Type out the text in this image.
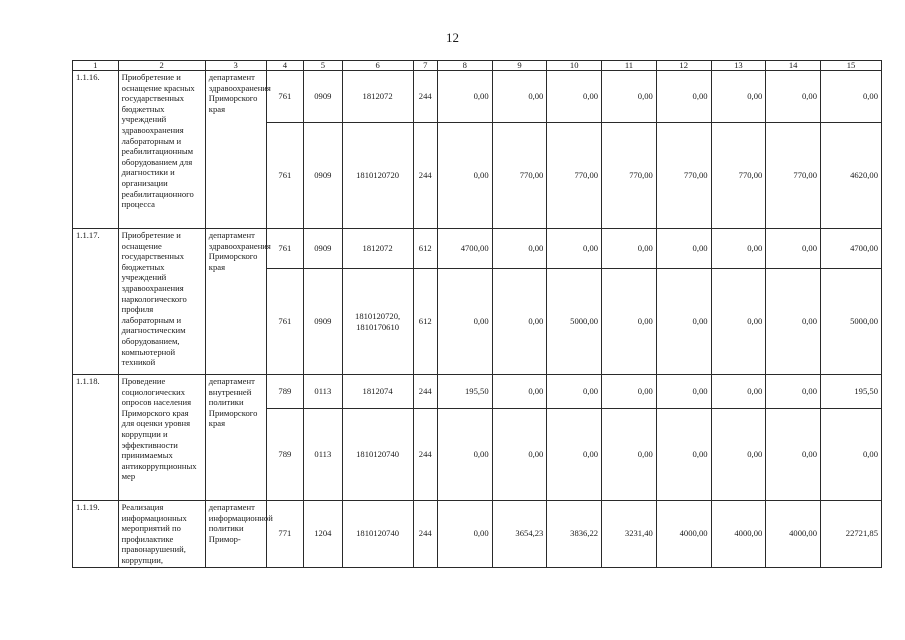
12
1	2	3	4	5	6	7	8	9	10	11	12	13	14	15
1.1.16.	Приобретение и оснащение красных государственных бюджетных учреждений здравоохранения лабораторным и реабилитационным оборудованием для диагностики и организации реабилитационного процесса	департамент здравоохранения Приморского края	761	0909	1812072	244	0,00	0,00	0,00	0,00	0,00	0,00	0,00	0,00
			761	0909	1810120720	244	0,00	770,00	770,00	770,00	770,00	770,00	770,00	4620,00
1.1.17.	Приобретение и оснащение государственных бюджетных учреждений здравоохранения наркологического профиля лабораторным и диагностическим оборудованием, компьютерной техникой	департамент здравоохранения Приморского края	761	0909	1812072	612	4700,00	0,00	0,00	0,00	0,00	0,00	0,00	4700,00
			761	0909	1810120720, 1810170610	612	0,00	0,00	5000,00	0,00	0,00	0,00	0,00	5000,00
1.1.18.	Проведение социологических опросов населения Приморского края для оценки уровня коррупции и эффективности принимаемых антикоррупционных мер	департамент внутренней политики Приморского края	789	0113	1812074	244	195,50	0,00	0,00	0,00	0,00	0,00	0,00	195,50
			789	0113	1810120740	244	0,00	0,00	0,00	0,00	0,00	0,00	0,00	0,00
1.1.19.	Реализация информационных мероприятий по профилактике правонарушений, коррупции,	департамент информационной политики Примор-	771	1204	1810120740	244	0,00	3654,23	3836,22	3231,40	4000,00	4000,00	4000,00	22721,85
